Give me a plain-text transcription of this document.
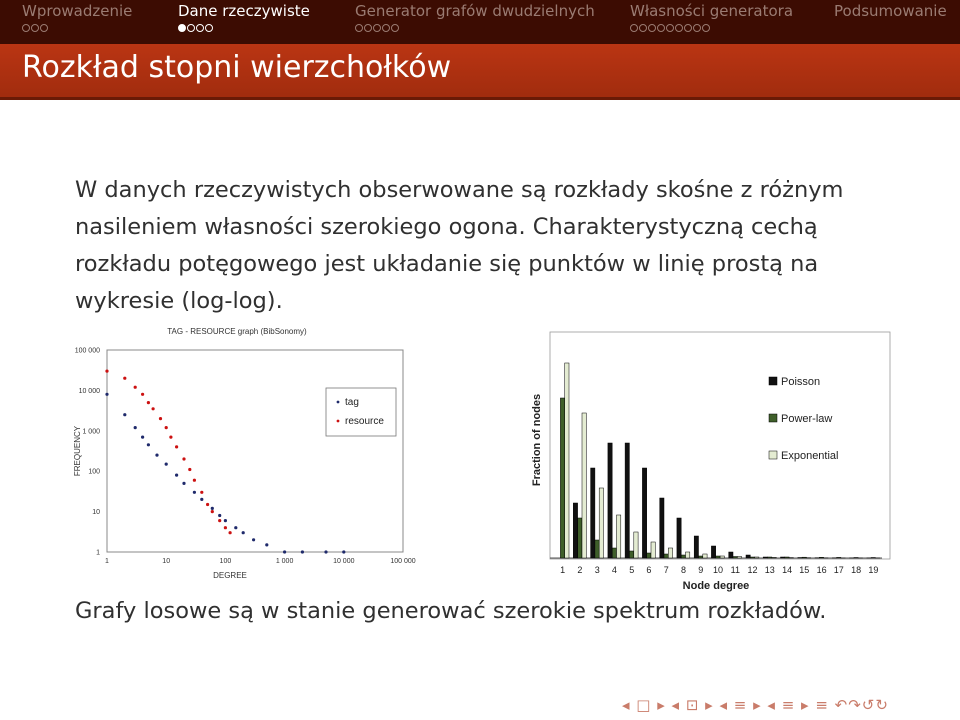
Wprowadzenie	Dane rzeczywiste	Generator grafów dwudzielnych Własności generatora	Podsumowanie
Rozkład stopni wierzchołków
W danych rzeczywistych obserwowane są rozkłady skośne z różnym nasileniem własności szerokiego ogona. Charakterystyczną cechą rozkładu potęgowego jest układanie się punktów w linię prostą na wykresie (log-log).
TAG - RESOURCE graph (BibSonomy)
FREQUENCY
DEGREE
1	10	100	1 000	10 000	100 000
1
10
100
1 000
10 000
100 000
tag
resource	Fraction of nodes
Node degree
1 2 3 4 5 6 7 8 9 10 11 12 13 14 15 16 17 18 19
Poisson
Power-law
Exponential
Grafy losowe są w stanie generować szerokie spektrum rozkładów.
◂ □ ▸ ◂ ⊡ ▸ ◂ ≡ ▸ ◂ ≡ ▸ ≡ ↶↷↺↻
